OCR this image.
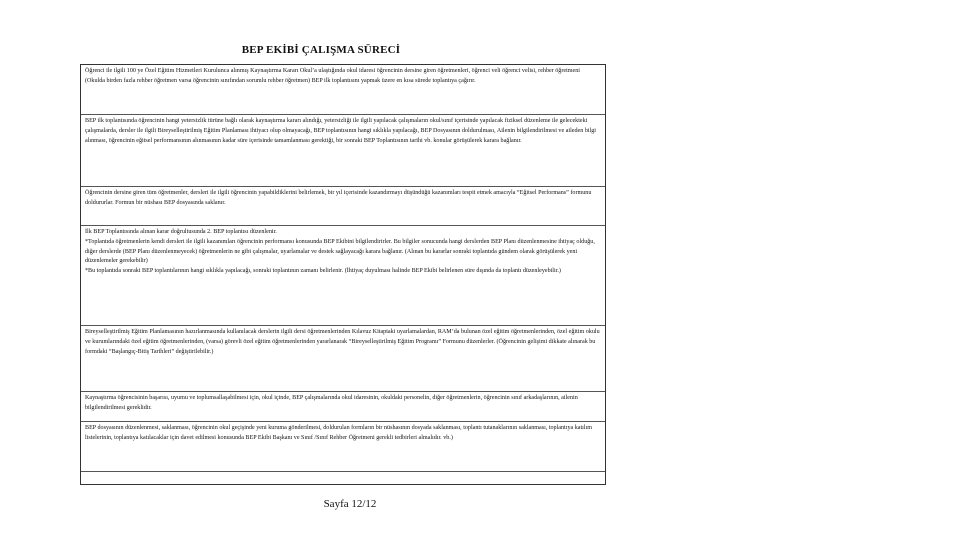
BEP EKİBİ ÇALIŞMA SÜRECİ

Öğrenci ile ilgili 100 ye Özel Eğitim Hizmetleri Kurulunca alınmış Kaynaştırma Kararı Okul’a ulaştığında okul idaresi öğrencinin dersine giren öğretmenleri, öğrenci veli öğrenci velisi, rehber öğretmeni (Okulda birden fazla rehber öğretmen varsa öğrencinin sınıfından sorumlu rehber öğretmen) BEP ilk toplantısını yapmak üzere en kısa sürede toplantıya çağırır.

BEP ilk toplantısında öğrencinin hangi yetersizlik türüne bağlı olarak kaynaştırma kararı alındığı, yetersizliği ile ilgili yapılacak çalışmaların okul/sınıf içerisinde yapılacak fiziksel düzenleme ile gelecekteki çalışmalarda, dersler ile ilgili Bireyselleştirilmiş Eğitim Planlaması ihtiyacı olup olmayacağı, BEP toplantısının hangi sıklıkla yapılacağı, BEP Dosyasının doldurulması, Ailenin bilgilendirilmesi ve aileden bilgi alınması, öğrencinin eğitsel performansının alınmasının kadar süre içerisinde tamamlanması gerektiği, bir sonraki BEP Toplantısının tarihi vb. konular görüşülerek karara bağlanır.

Öğrencinin dersine giren tüm öğretmenler, dersleri ile ilgili öğrencinin yapabildiklerini belirlemek, bir yıl içerisinde kazandırmayı düşündüğü kazanımları tespit etmek amacıyla “Eğitsel Performans” formunu doldururlar. Formun bir nüshası BEP dosyasında saklanır.

İlk BEP Toplantısında alınan karar doğrultusunda 2. BEP toplantısı düzenlenir.

*Toplantıda öğretmenlerin kendi dersleri ile ilgili kazanımları öğrencinin performansı konusunda BEP Ekibini bilgilendirirler. Bu bilgiler sonucunda hangi derslerden BEP Planı düzenlenmesine ihtiyaç olduğu, diğer derslerde (BEP Planı düzenlenmeyecek) öğretmenlerin ne gibi çalışmalar, uyarlamalar ve destek sağlayacağı karara bağlanır. (Alınan bu kararlar sonraki toplantıda gündem olarak görüşülerek yeni düzenlemeler gerekebilir)

*Bu toplantıda sonraki BEP toplantılarının hangi sıklıkla yapılacağı, sonraki toplantının zamanı belirlenir. (İhtiyaç duyulması halinde BEP Ekibi belirlenen süre dışında da toplantı düzenleyebilir.)

Bireyselleştirilmiş Eğitim Planlamasının hazırlanmasında kullanılacak derslerin ilgili dersi öğretmenlerinden Kılavuz Kitaptaki uyarlamalardan, RAM’da bulunan özel eğitim öğretmenlerinden, özel eğitim okulu ve kurumlarındaki özel eğitim öğretmenlerinden, (varsa) görevli özel eğitim öğretmenlerinden yararlanarak “Bireyselleştirilmiş Eğitim Programı” Formunu düzenlerler. (Öğrencinin gelişimi dikkate alınarak bu formdaki “Başlangıç-Bitiş Tarihleri” değiştirilebilir.)

Kaynaştırma öğrencisinin başarısı, uyumu ve toplumsallaşabilmesi için, okul içinde, BEP çalışmalarında okul idaresinin, okuldaki personelin, diğer öğretmenlerin, öğrencinin sınıf arkadaşlarının, ailenin bilgilendirilmesi gereklidir.

BEP dosyasının düzenlenmesi, saklanması, öğrencinin okul geçişinde yeni kuruma gönderilmesi, doldurulan formların bir nüshasının dosyada saklanması, toplantı tutanaklarının saklanması, toplantıya katılım listelerinin, toplantıya katılacaklar için davet edilmesi konusunda BEP Ekibi Başkanı ve Sınıf /Sınıf Rehber Öğretmeni gerekli tedbirleri almalıdır. vb.)

Sayfa 12/12
